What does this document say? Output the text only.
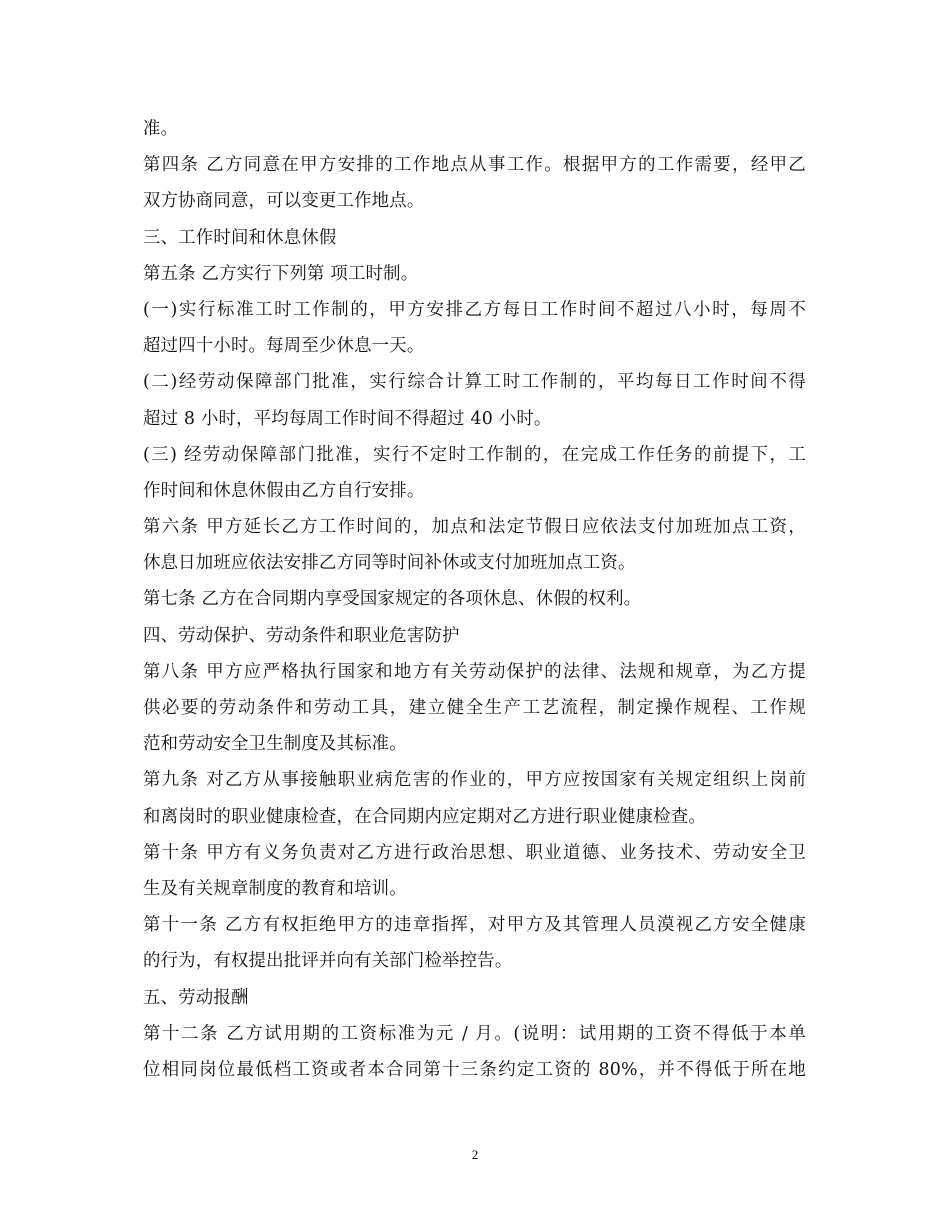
准。
第四条 乙方同意在甲方安排的工作地点从事工作。根据甲方的工作需要，经甲乙
双方协商同意，可以变更工作地点。
三、工作时间和休息休假
第五条 乙方实行下列第 项工时制。
(一)实行标准工时工作制的，甲方安排乙方每日工作时间不超过八小时，每周不
超过四十小时。每周至少休息一天。
(二)经劳动保障部门批准，实行综合计算工时工作制的，平均每日工作时间不得
超过 8 小时，平均每周工作时间不得超过 40 小时。
(三) 经劳动保障部门批准，实行不定时工作制的，在完成工作任务的前提下，工
作时间和休息休假由乙方自行安排。
第六条 甲方延长乙方工作时间的，加点和法定节假日应依法支付加班加点工资，
休息日加班应依法安排乙方同等时间补休或支付加班加点工资。
第七条 乙方在合同期内享受国家规定的各项休息、休假的权利。
四、劳动保护、劳动条件和职业危害防护
第八条 甲方应严格执行国家和地方有关劳动保护的法律、法规和规章，为乙方提
供必要的劳动条件和劳动工具，建立健全生产工艺流程，制定操作规程、工作规
范和劳动安全卫生制度及其标准。
第九条 对乙方从事接触职业病危害的作业的，甲方应按国家有关规定组织上岗前
和离岗时的职业健康检查，在合同期内应定期对乙方进行职业健康检查。
第十条 甲方有义务负责对乙方进行政治思想、职业道德、业务技术、劳动安全卫
生及有关规章制度的教育和培训。
第十一条 乙方有权拒绝甲方的违章指挥，对甲方及其管理人员漠视乙方安全健康
的行为，有权提出批评并向有关部门检举控告。
五、劳动报酬
第十二条 乙方试用期的工资标准为元 / 月。(说明：试用期的工资不得低于本单
位相同岗位最低档工资或者本合同第十三条约定工资的 80%，并不得低于所在地
2
